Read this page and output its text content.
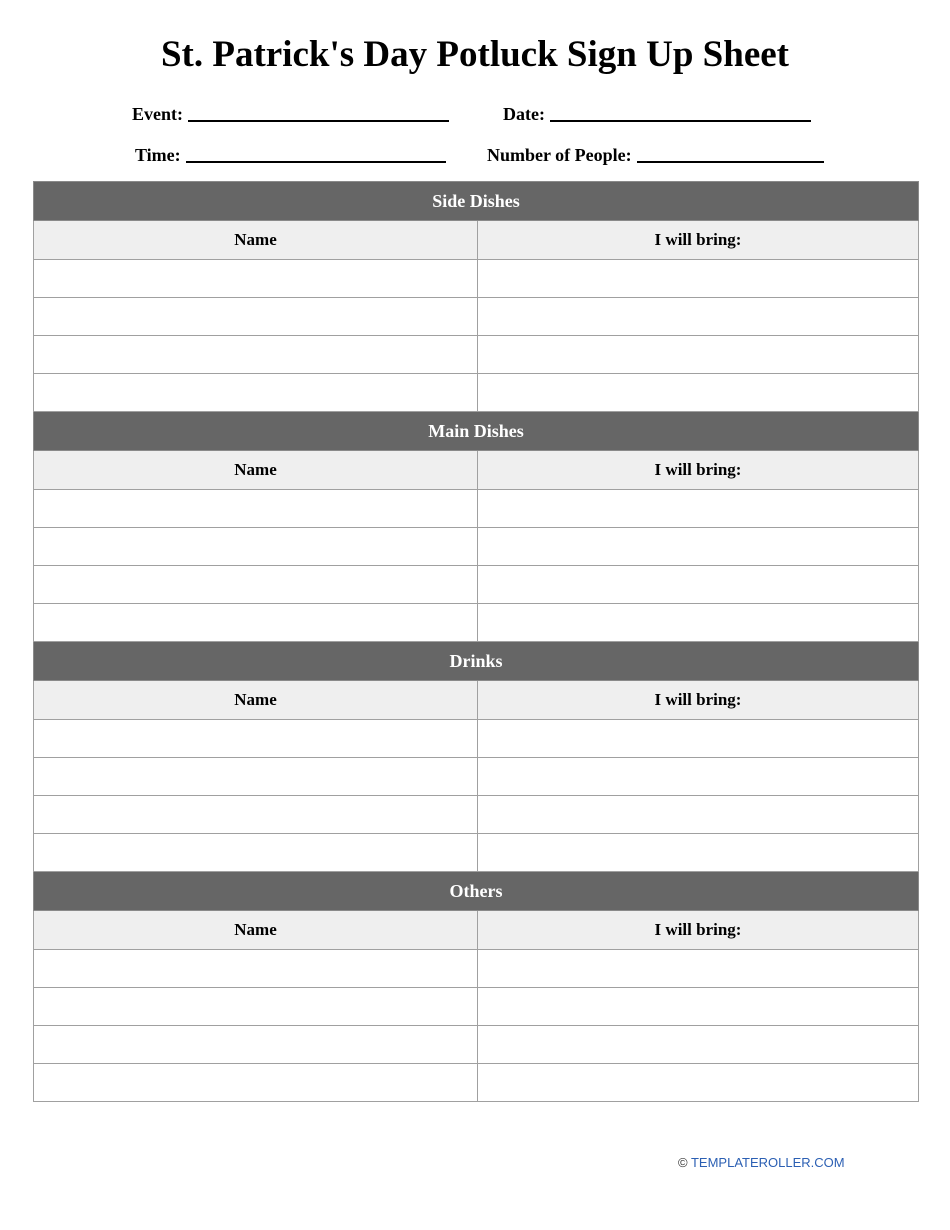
St. Patrick's Day Potluck Sign Up Sheet
Event:	Date:
Time:	Number of People:
Side Dishes	
Name	I will bring:

Main Dishes	
Name	I will bring:

Drinks	
Name	I will bring:

Others	
Name	I will bring:

© TEMPLATEROLLER.COM
